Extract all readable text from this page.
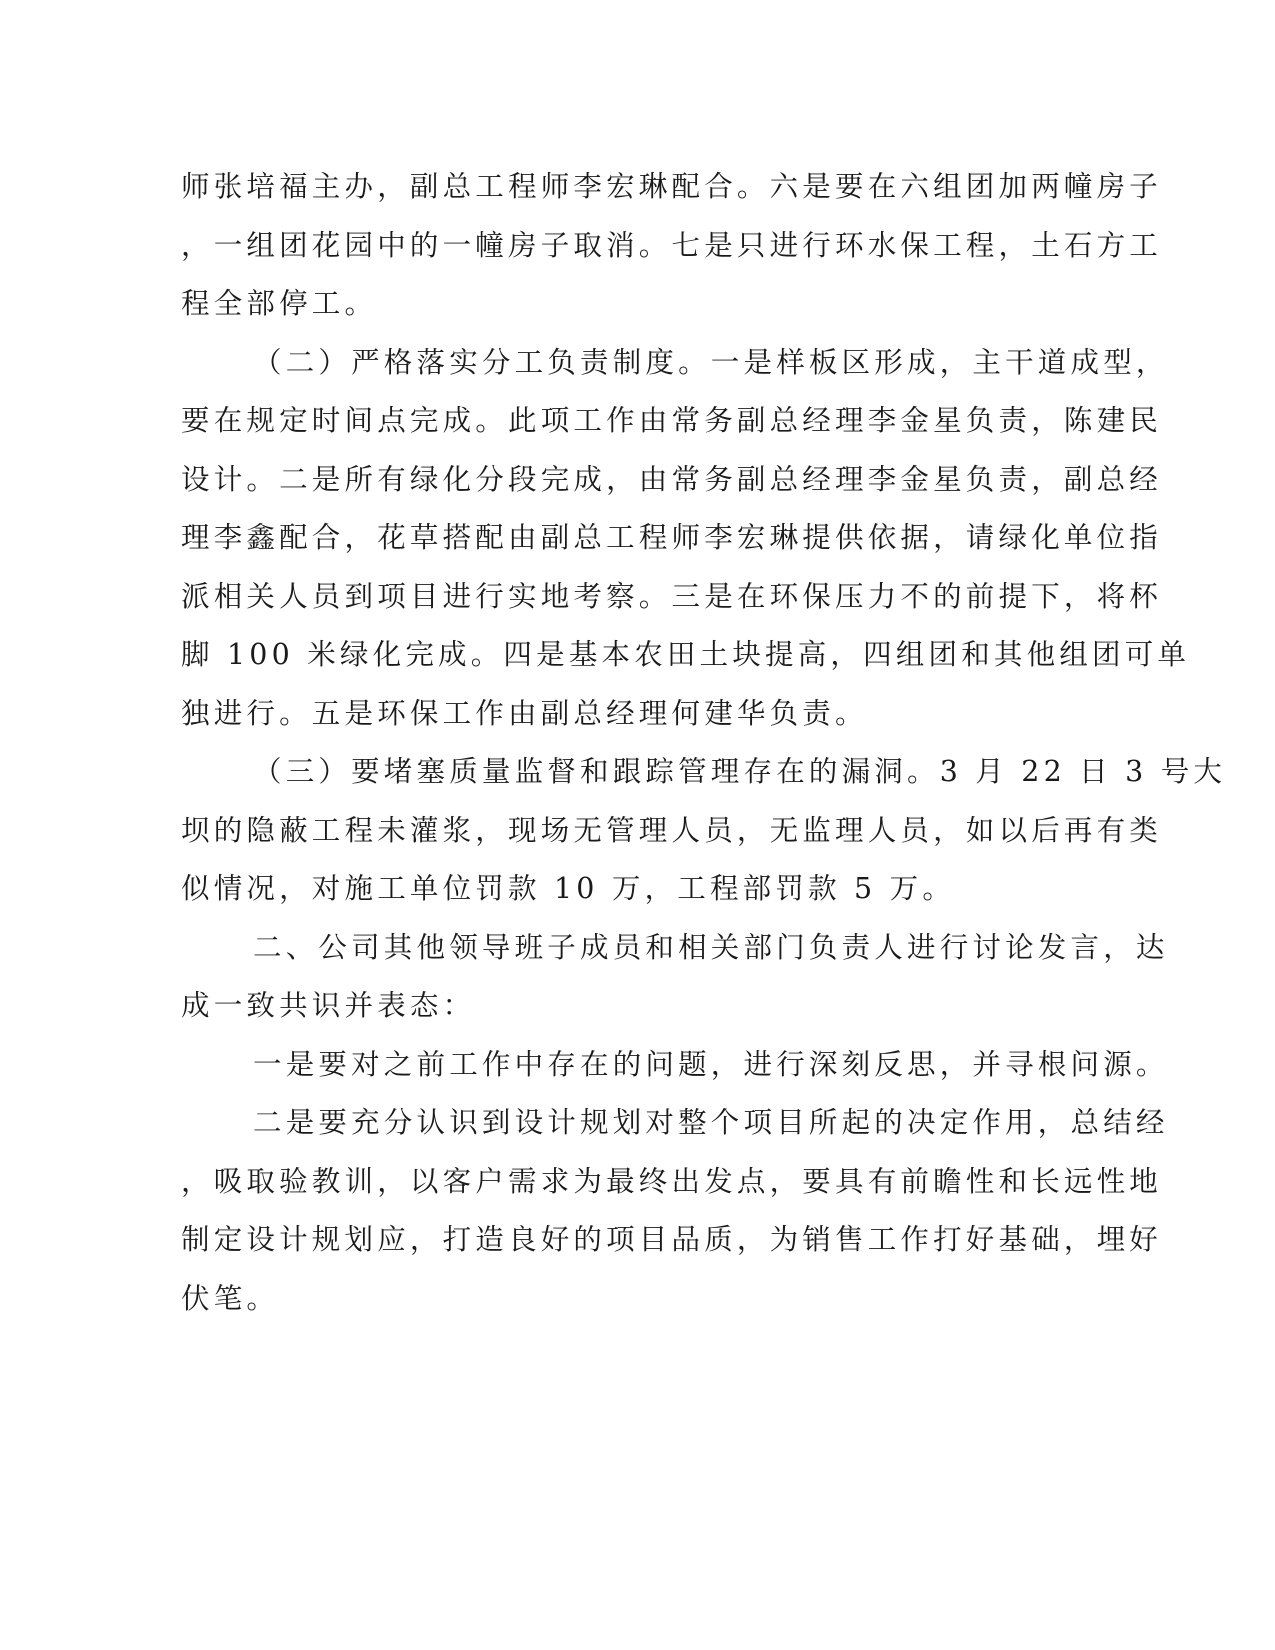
师张培福主办，副总工程师李宏琳配合。六是要在六组团加两幢房子
，一组团花园中的一幢房子取消。七是只进行环水保工程，土石方工
程全部停工。
（二）严格落实分工负责制度。一是样板区形成，主干道成型，
要在规定时间点完成。此项工作由常务副总经理李金星负责，陈建民
设计。二是所有绿化分段完成，由常务副总经理李金星负责，副总经
理李鑫配合，花草搭配由副总工程师李宏琳提供依据，请绿化单位指
派相关人员到项目进行实地考察。三是在环保压力不的前提下，将杯
脚 100 米绿化完成。四是基本农田土块提高，四组团和其他组团可单
独进行。五是环保工作由副总经理何建华负责。
（三）要堵塞质量监督和跟踪管理存在的漏洞。3 月 22 日 3 号大
坝的隐蔽工程未灌浆，现场无管理人员，无监理人员，如以后再有类
似情况，对施工单位罚款 10 万，工程部罚款 5 万。
二、公司其他领导班子成员和相关部门负责人进行讨论发言，达
成一致共识并表态：
一是要对之前工作中存在的问题，进行深刻反思，并寻根问源。
二是要充分认识到设计规划对整个项目所起的决定作用，总结经
，吸取验教训，以客户需求为最终出发点，要具有前瞻性和长远性地
制定设计规划应，打造良好的项目品质，为销售工作打好基础，埋好
伏笔。
